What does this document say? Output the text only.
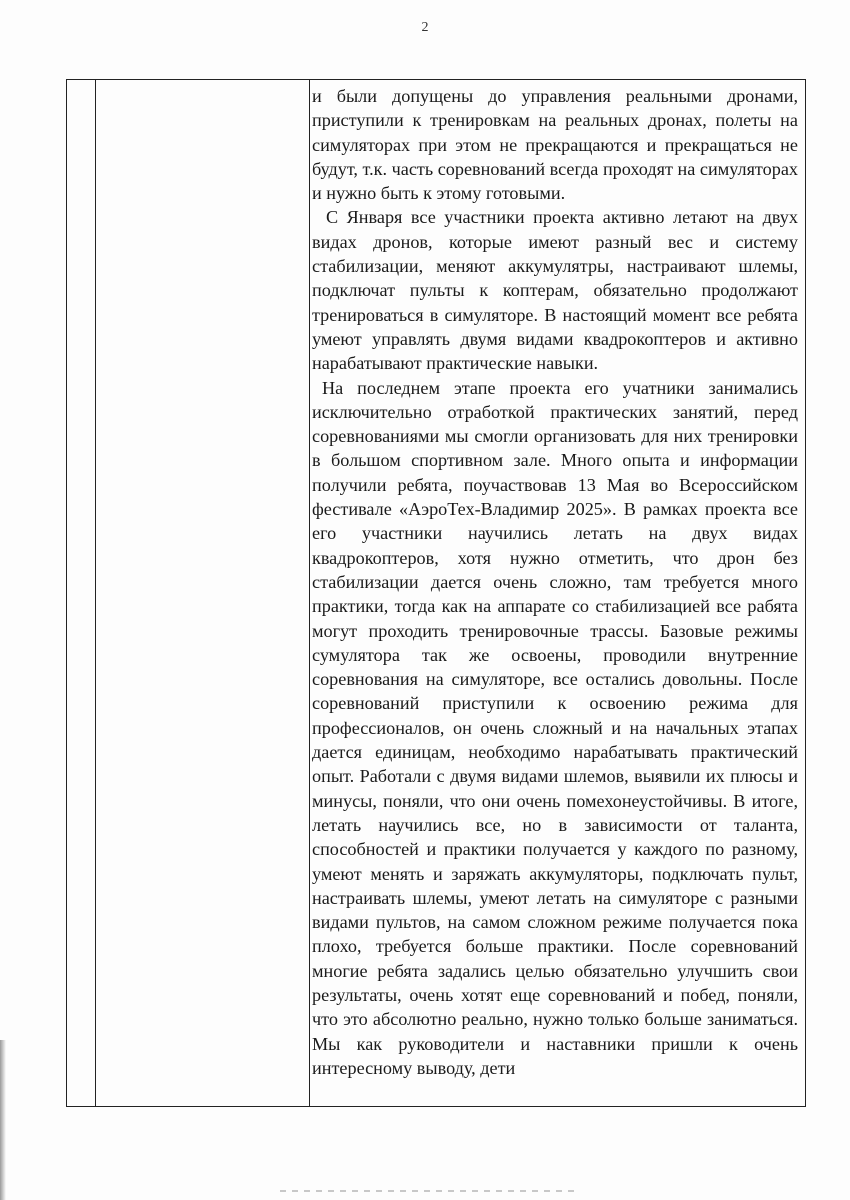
2

и были допущены до управления реальными дронами, приступили к тренировкам на реальных дронах, полеты на симуляторах при этом не прекращаются и прекращаться не будут, т.к. часть соревнований всегда проходят на симуляторах и нужно быть к этому готовыми.

С Января все участники проекта активно летают на двух видах дронов, которые имеют разный вес и систему стабилизации, меняют аккумулятры, настраивают шлемы, подключат пульты к коптерам, обязательно продолжают тренироваться в симуляторе. В настоящий момент все ребята умеют управлять двумя видами квадрокоптеров и активно нарабатывают практические навыки.

На последнем этапе проекта его учатники занимались исключительно отработкой практических занятий, перед соревнованиями мы смогли организовать для них тренировки в большом спортивном зале. Много опыта и информации получили ребята, поучаствовав 13 Мая во Всероссийском фестивале «АэроТех-Владимир 2025». В рамках проекта все его участники научились летать на двух видах квадрокоптеров, хотя нужно отметить, что дрон без стабилизации дается очень сложно, там требуется много практики, тогда как на аппарате со стабилизацией все рабята могут проходить тренировочные трассы. Базовые режимы сумулятора так же освоены, проводили внутренние соревнования на симуляторе, все остались довольны. После соревнований приступили к освоению режима для профессионалов, он очень сложный и на начальных этапах дается единицам, необходимо нарабатывать практический опыт. Работали с двумя видами шлемов, выявили их плюсы и минусы, поняли, что они очень помехонеустойчивы. В итоге, летать научились все, но в зависимости от таланта, способностей и практики получается у каждого по разному, умеют менять и заряжать аккумуляторы, подключать пульт, настраивать шлемы, умеют летать на симуляторе с разными видами пультов, на самом сложном режиме получается пока плохо, требуется больше практики. После соревнований многие ребята задались целью обязательно улучшить свои результаты, очень хотят еще соревнований и побед, поняли, что это абсолютно реально, нужно только больше заниматься. Мы как руководители и наставники пришли к очень интересному выводу, дети
